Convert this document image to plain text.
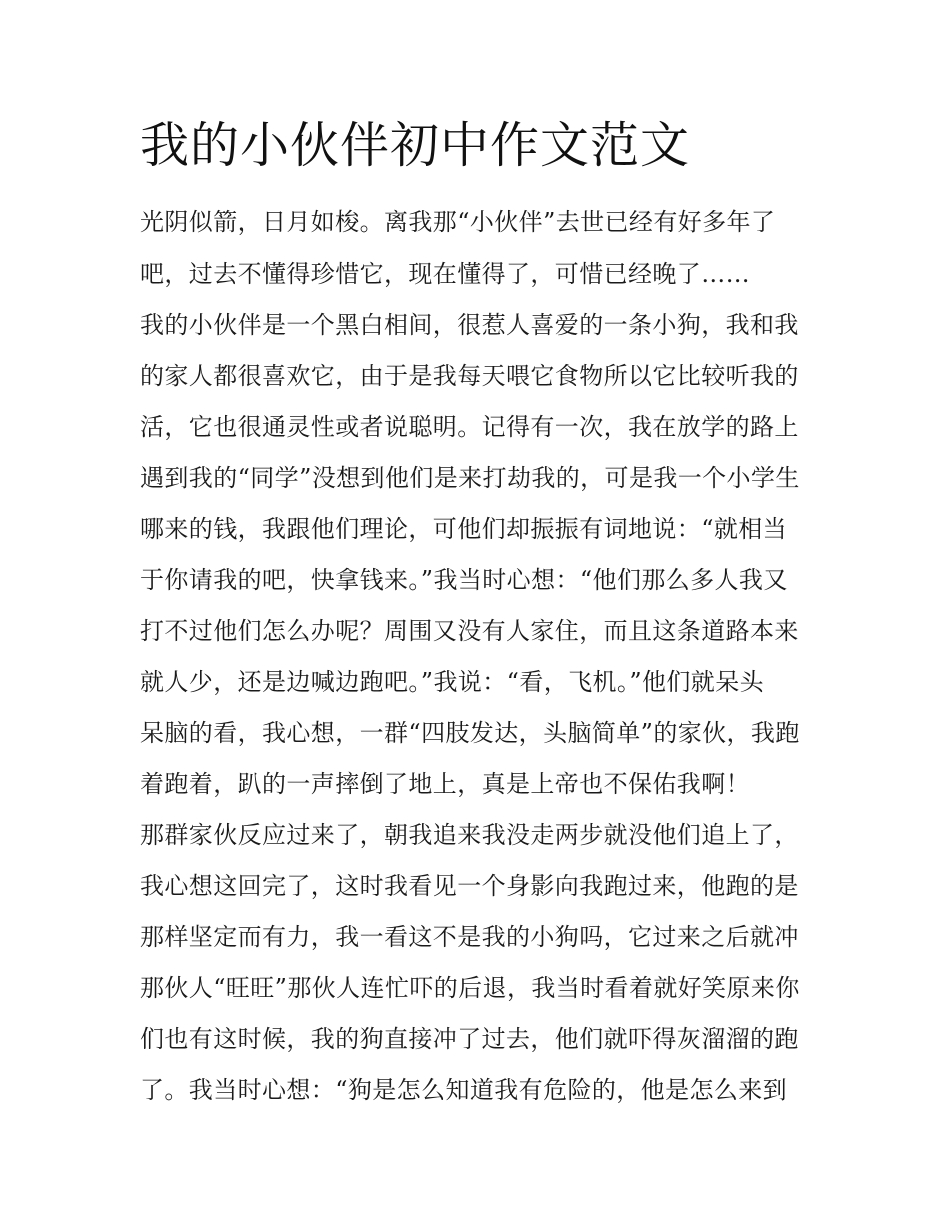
我的小伙伴初中作文范文
光阴似箭，日月如梭。离我那“小伙伴”去世已经有好多年了
吧，过去不懂得珍惜它，现在懂得了，可惜已经晚了……
我的小伙伴是一个黑白相间，很惹人喜爱的一条小狗，我和我
的家人都很喜欢它，由于是我每天喂它食物所以它比较听我的
活，它也很通灵性或者说聪明。记得有一次，我在放学的路上
遇到我的“同学”没想到他们是来打劫我的，可是我一个小学生
哪来的钱，我跟他们理论，可他们却振振有词地说：“就相当
于你请我的吧，快拿钱来。”我当时心想：“他们那么多人我又
打不过他们怎么办呢？周围又没有人家住，而且这条道路本来
就人少，还是边喊边跑吧。”我说：“看，飞机。”他们就呆头
呆脑的看，我心想，一群“四肢发达，头脑简单”的家伙，我跑
着跑着，趴的一声摔倒了地上，真是上帝也不保佑我啊！
那群家伙反应过来了，朝我追来我没走两步就没他们追上了，
我心想这回完了，这时我看见一个身影向我跑过来，他跑的是
那样坚定而有力，我一看这不是我的小狗吗，它过来之后就冲
那伙人“旺旺”那伙人连忙吓的后退，我当时看着就好笑原来你
们也有这时候，我的狗直接冲了过去，他们就吓得灰溜溜的跑
了。我当时心想：“狗是怎么知道我有危险的，他是怎么来到
